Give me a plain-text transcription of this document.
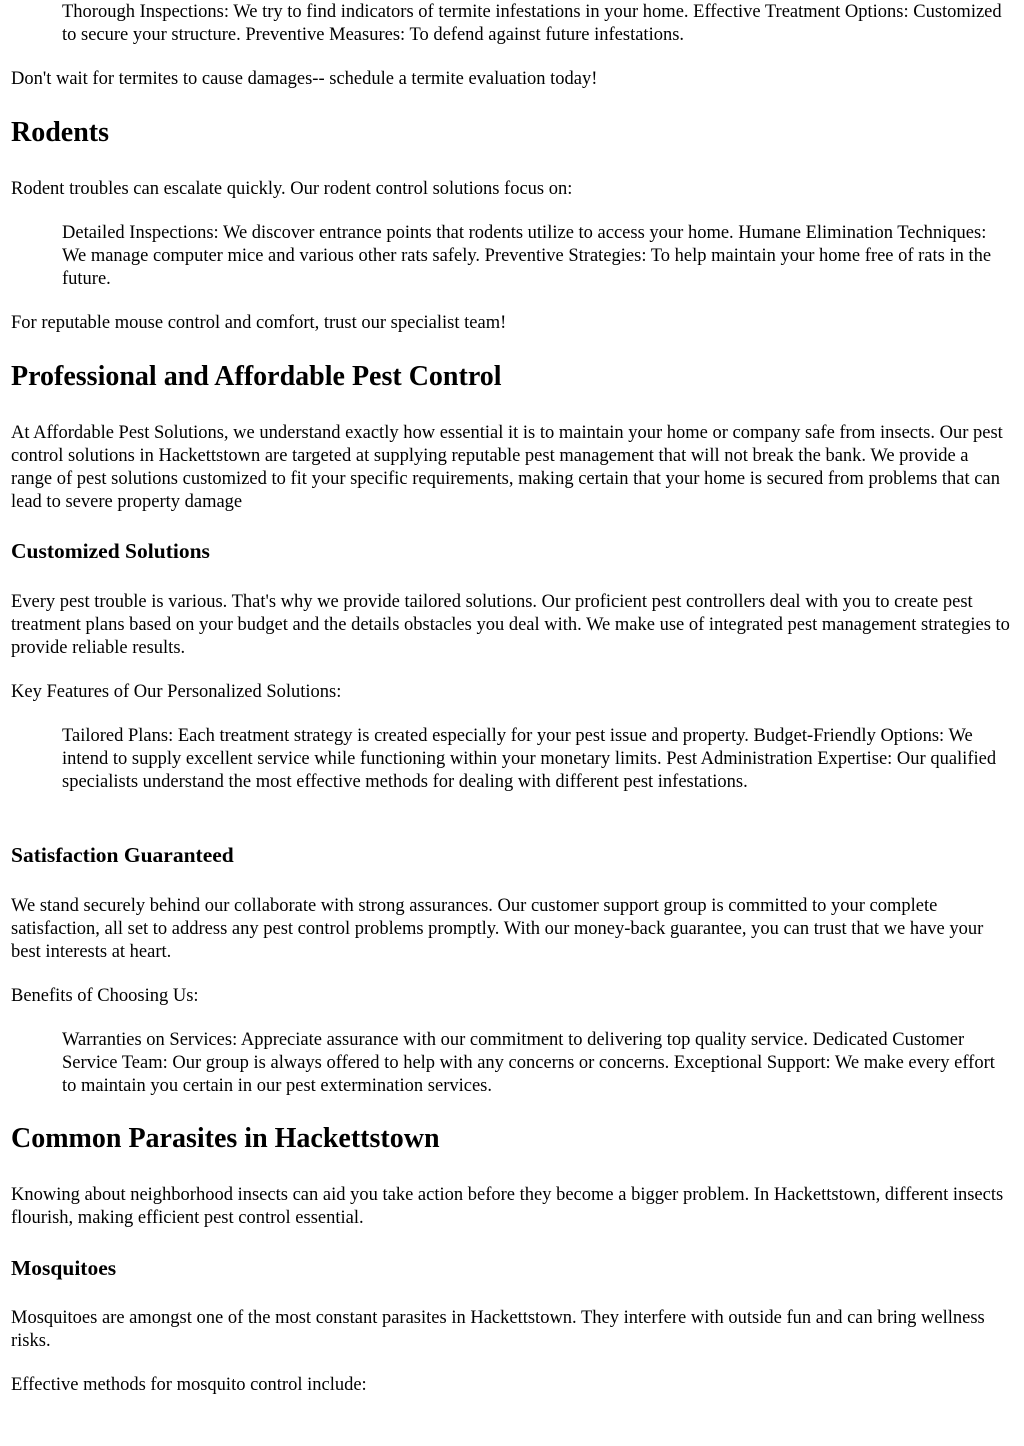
Thorough Inspections: We try to find indicators of termite infestations in your home. Effective Treatment Options: Customized to secure your structure. Preventive Measures: To defend against future infestations.

Don't wait for termites to cause damages-- schedule a termite evaluation today!

Rodents

Rodent troubles can escalate quickly. Our rodent control solutions focus on:

Detailed Inspections: We discover entrance points that rodents utilize to access your home. Humane Elimination Techniques: We manage computer mice and various other rats safely. Preventive Strategies: To help maintain your home free of rats in the future.

For reputable mouse control and comfort, trust our specialist team!

Professional and Affordable Pest Control

At Affordable Pest Solutions, we understand exactly how essential it is to maintain your home or company safe from insects. Our pest control solutions in Hackettstown are targeted at supplying reputable pest management that will not break the bank. We provide a range of pest solutions customized to fit your specific requirements, making certain that your home is secured from problems that can lead to severe property damage

Customized Solutions

Every pest trouble is various. That's why we provide tailored solutions. Our proficient pest controllers deal with you to create pest treatment plans based on your budget and the details obstacles you deal with. We make use of integrated pest management strategies to provide reliable results.

Key Features of Our Personalized Solutions:

Tailored Plans: Each treatment strategy is created especially for your pest issue and property. Budget-Friendly Options: We intend to supply excellent service while functioning within your monetary limits. Pest Administration Expertise: Our qualified specialists understand the most effective methods for dealing with different pest infestations.

Satisfaction Guaranteed

We stand securely behind our collaborate with strong assurances. Our customer support group is committed to your complete satisfaction, all set to address any pest control problems promptly. With our money-back guarantee, you can trust that we have your best interests at heart.

Benefits of Choosing Us:

Warranties on Services: Appreciate assurance with our commitment to delivering top quality service. Dedicated Customer Service Team: Our group is always offered to help with any concerns or concerns. Exceptional Support: We make every effort to maintain you certain in our pest extermination services.

Common Parasites in Hackettstown

Knowing about neighborhood insects can aid you take action before they become a bigger problem. In Hackettstown, different insects flourish, making efficient pest control essential.

Mosquitoes

Mosquitoes are amongst one of the most constant parasites in Hackettstown. They interfere with outside fun and can bring wellness risks.

Effective methods for mosquito control include:
